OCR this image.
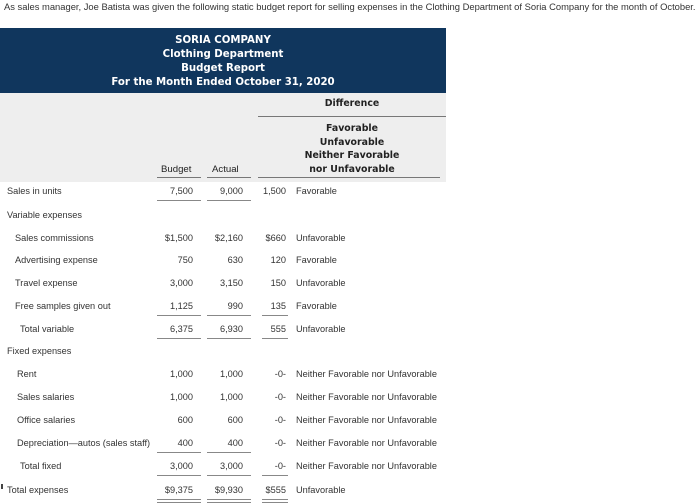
As sales manager, Joe Batista was given the following static budget report for selling expenses in the Clothing Department of Soria Company for the month of October.
SORIA COMPANY
Clothing Department
Budget Report
For the Month Ended October 31, 2020
Difference
Favorable
Unfavorable
Neither Favorable
nor Unfavorable
Budget Actual
Sales in units	7,500	9,000	1,500 Favorable
Variable expenses
Sales commissions	$1,500	$2,160	$660 Unfavorable
Advertising expense	750	630	120 Favorable
Travel expense	3,000	3,150	150 Unfavorable
Free samples given out	1,125	990	135 Favorable
Total variable	6,375	6,930	555 Unfavorable
Fixed expenses
Rent	1,000	1,000	-0- Neither Favorable nor Unfavorable
Sales salaries	1,000	1,000	-0- Neither Favorable nor Unfavorable
Office salaries	600	600	-0- Neither Favorable nor Unfavorable
Depreciation—autos (sales staff)	400	400	-0- Neither Favorable nor Unfavorable
Total fixed	3,000	3,000	-0- Neither Favorable nor Unfavorable
Total expenses	$9,375	$9,930	$555 Unfavorable
